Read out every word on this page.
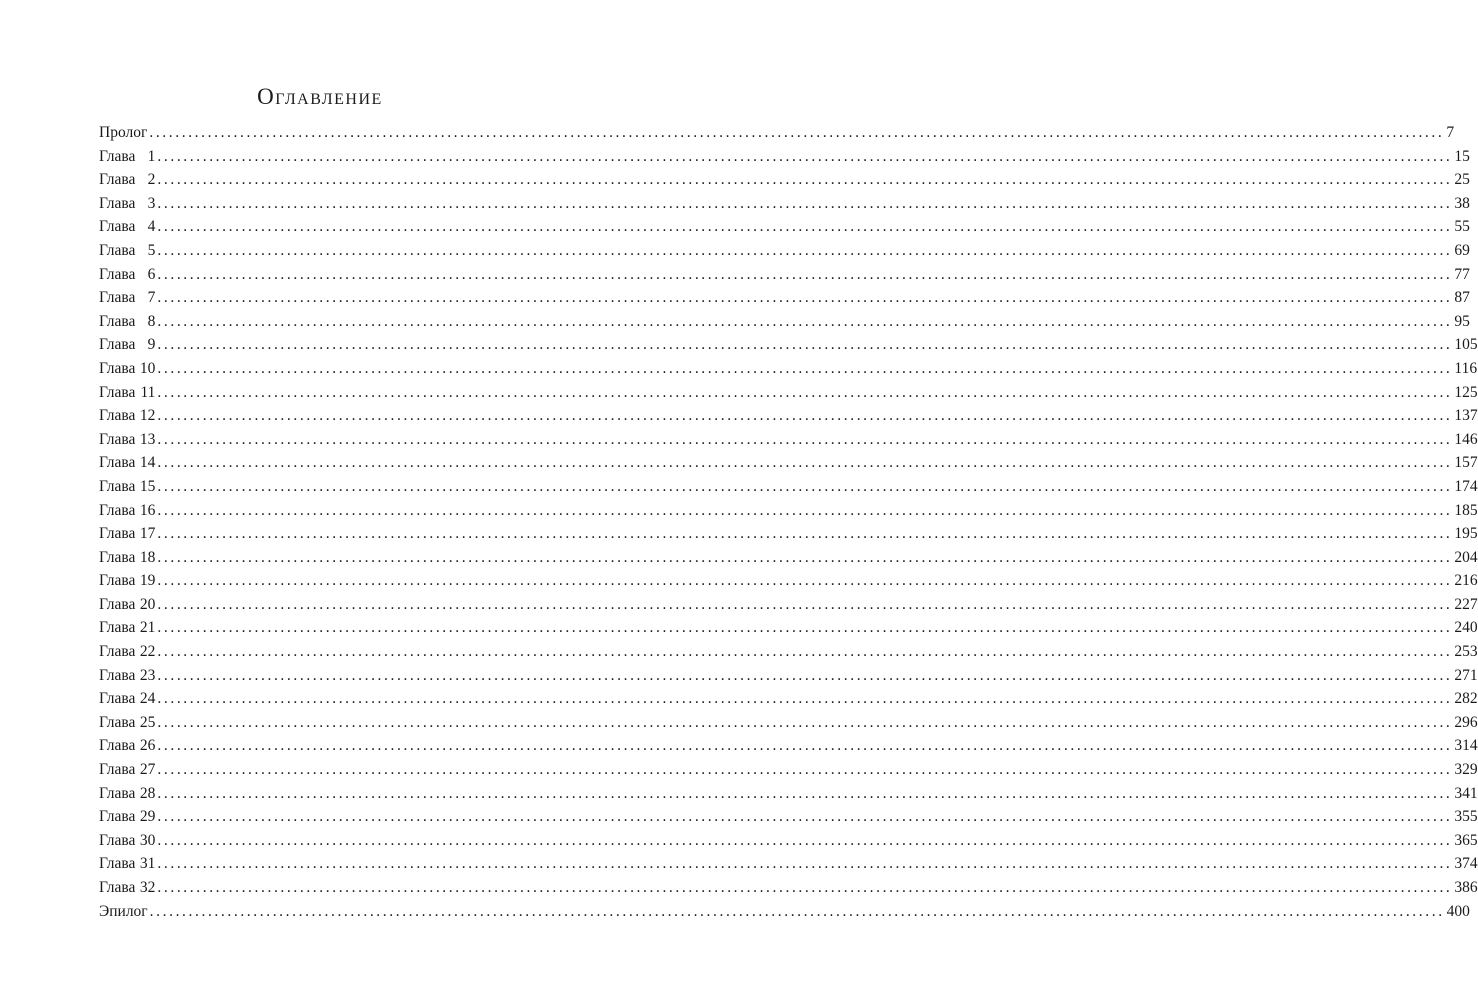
Оглавление
Пролог ........................................................................................................................................................................................................ 7
Глава 1 ........................................................................................................................................................................................................ 15
Глава 2 ........................................................................................................................................................................................................ 25
Глава 3 ........................................................................................................................................................................................................ 38
Глава 4 ........................................................................................................................................................................................................ 55
Глава 5 ........................................................................................................................................................................................................ 69
Глава 6 ........................................................................................................................................................................................................ 77
Глава 7 ........................................................................................................................................................................................................ 87
Глава 8 ........................................................................................................................................................................................................ 95
Глава 9 ........................................................................................................................................................................................................ 105
Глава 10 ........................................................................................................................................................................................................ 116
Глава 11 ........................................................................................................................................................................................................ 125
Глава 12 ........................................................................................................................................................................................................ 137
Глава 13 ........................................................................................................................................................................................................ 146
Глава 14 ........................................................................................................................................................................................................ 157
Глава 15 ........................................................................................................................................................................................................ 174
Глава 16 ........................................................................................................................................................................................................ 185
Глава 17 ........................................................................................................................................................................................................ 195
Глава 18 ........................................................................................................................................................................................................ 204
Глава 19 ........................................................................................................................................................................................................ 216
Глава 20 ........................................................................................................................................................................................................ 227
Глава 21 ........................................................................................................................................................................................................ 240
Глава 22 ........................................................................................................................................................................................................ 253
Глава 23 ........................................................................................................................................................................................................ 271
Глава 24 ........................................................................................................................................................................................................ 282
Глава 25 ........................................................................................................................................................................................................ 296
Глава 26 ........................................................................................................................................................................................................ 314
Глава 27 ........................................................................................................................................................................................................ 329
Глава 28 ........................................................................................................................................................................................................ 341
Глава 29 ........................................................................................................................................................................................................ 355
Глава 30 ........................................................................................................................................................................................................ 365
Глава 31 ........................................................................................................................................................................................................ 374
Глава 32 ........................................................................................................................................................................................................ 386
Эпилог ........................................................................................................................................................................................................ 400
